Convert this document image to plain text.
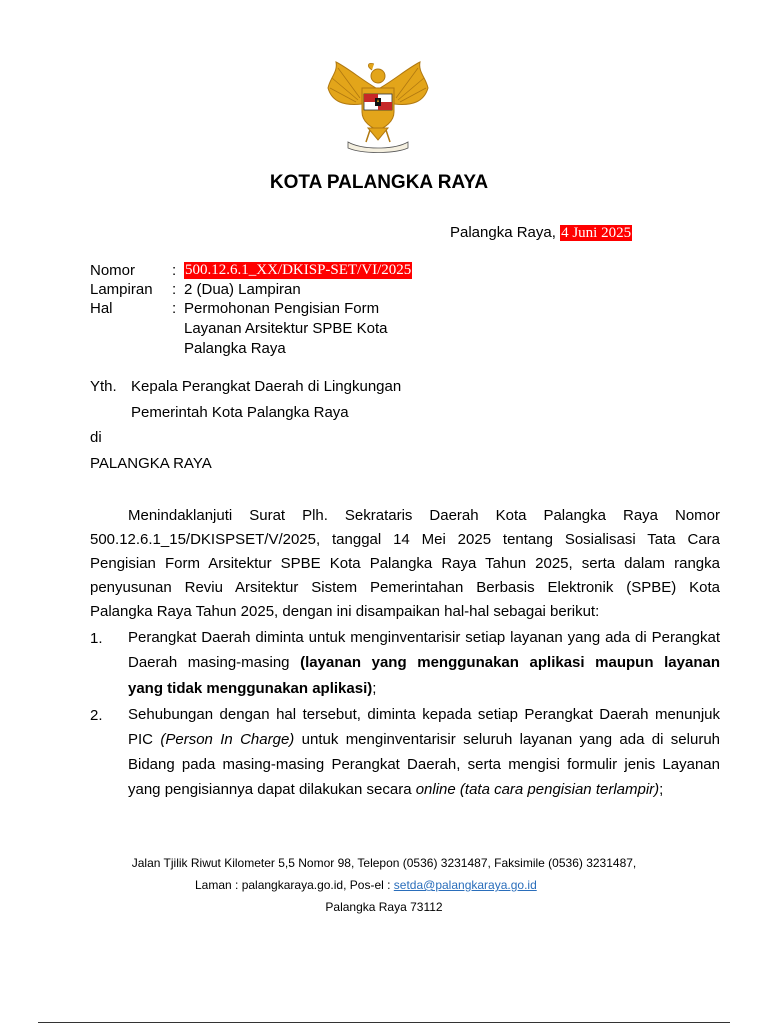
KOTA PALANGKA RAYA
Palangka Raya, 4 Juni 2025
Nomor : 500.12.6.1_XX/DKISP-SET/VI/2025
Lampiran : 2 (Dua) Lampiran
Hal	: Permohonan Pengisian Form
Layanan Arsitektur SPBE Kota
Palangka Raya
Yth. Kepala Perangkat Daerah di Lingkungan
Pemerintah Kota Palangka Raya
di
PALANGKA RAYA
Menindaklanjuti Surat Plh. Sekrataris Daerah Kota Palangka Raya Nomor
500.12.6.1_15/DKISPSET/V/2025, tanggal 14 Mei 2025 tentang Sosialisasi Tata Cara
Pengisian Form Arsitektur SPBE Kota Palangka Raya Tahun 2025, serta dalam rangka
penyusunan Reviu Arsitektur Sistem Pemerintahan Berbasis Elektronik (SPBE) Kota
Palangka Raya Tahun 2025, dengan ini disampaikan hal-hal sebagai berikut:
1. Perangkat Daerah diminta untuk menginventarisir setiap layanan yang ada di Perangkat
Daerah masing-masing (layanan yang menggunakan aplikasi maupun layanan
yang tidak menggunakan aplikasi);
2. Sehubungan dengan hal tersebut, diminta kepada setiap Perangkat Daerah menunjuk
PIC (Person In Charge) untuk menginventarisir seluruh layanan yang ada di seluruh
Bidang pada masing-masing Perangkat Daerah, serta mengisi formulir jenis Layanan
yang pengisiannya dapat dilakukan secara online (tata cara pengisian terlampir);
Jalan Tjilik Riwut Kilometer 5,5 Nomor 98, Telepon (0536) 3231487, Faksimile (0536) 3231487,
Laman : palangkaraya.go.id, Pos-el : setda@palangkaraya.go.id
Palangka Raya 73112
